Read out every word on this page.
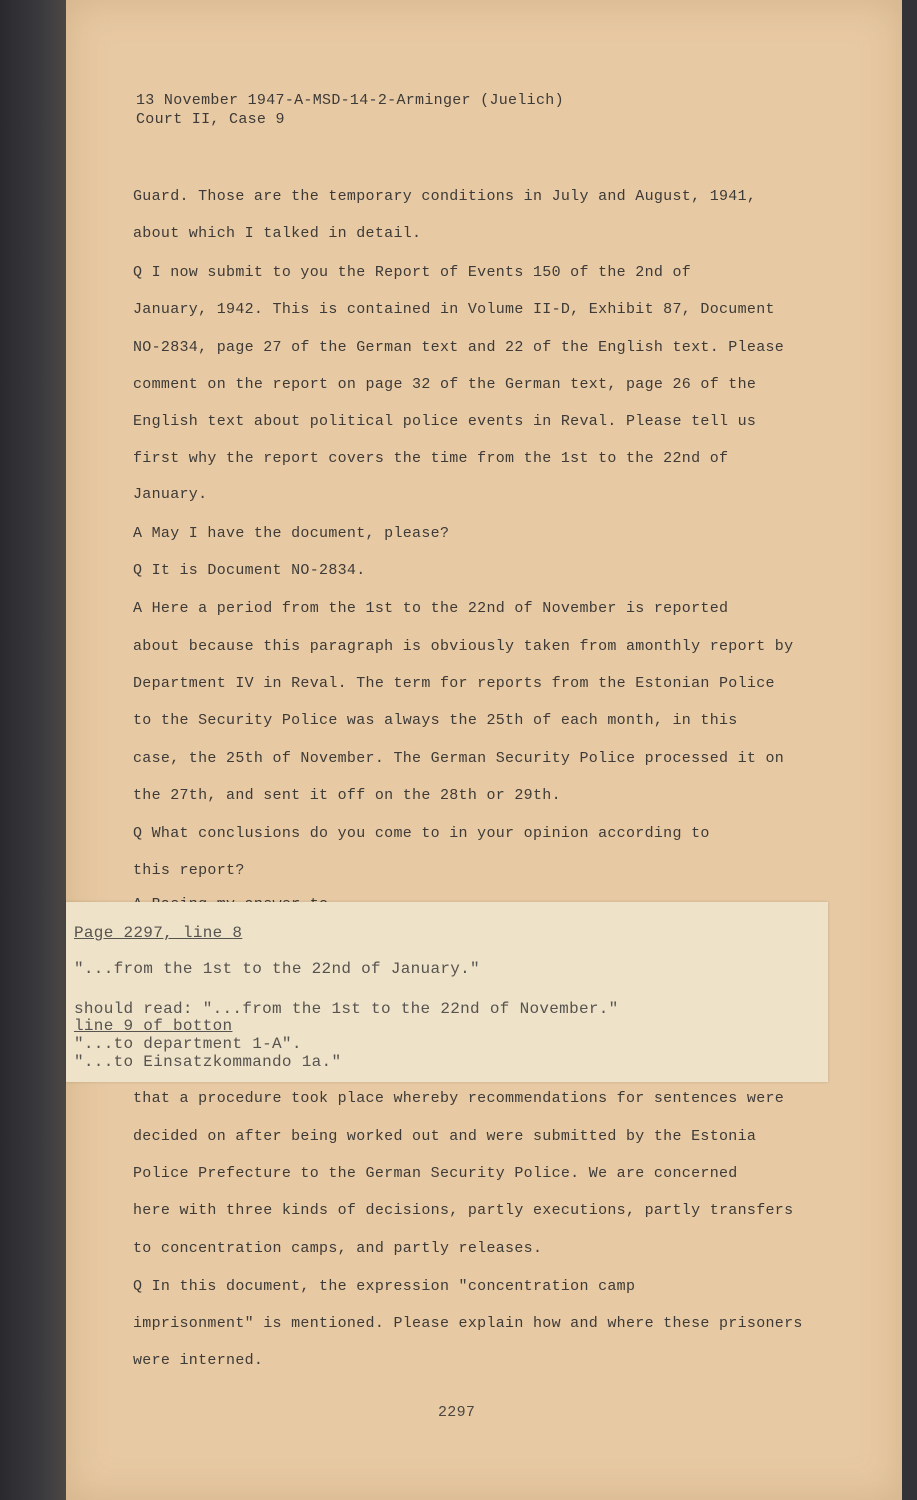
13 November 1947-A-MSD-14-2-Arminger (Juelich)
Court II, Case 9
Guard. Those are the temporary conditions in July and August, 1941,
about which I talked in detail.
Q I now submit to you the Report of Events 150 of the 2nd of
January, 1942. This is contained in Volume II-D, Exhibit 87, Document
NO-2834, page 27 of the German text and 22 of the English text. Please
comment on the report on page 32 of the German text, page 26 of the
English text about political police events in Reval. Please tell us
first why the report covers the time from the 1st to the 22nd of
January.
A May I have the document, please?
Q It is Document NO-2834.
A Here a period from the 1st to the 22nd of November is reported
about because this paragraph is obviously taken from amonthly report by
Department IV in Reval. The term for reports from the Estonian Police
to the Security Police was always the 25th of each month, in this
case, the 25th of November. The German Security Police processed it on
the 27th, and sent it off on the 28th or 29th.
Q What conclusions do you come to in your opinion according to
this report?
Page 2297, line 8
"...from the 1st to the 22nd of January."
should read: "...from the 1st to the 22nd of November."
line 9 of botton
"...to department 1-A".
"...to Einsatzkommando 1a."
that a procedure took place whereby recommendations for sentences were
decided on after being worked out and were submitted by the Estonia
Police Prefecture to the German Security Police. We are concerned
here with three kinds of decisions, partly executions, partly transfers
to concentration camps, and partly releases.
Q In this document, the expression "concentration camp
imprisonment" is mentioned. Please explain how and where these prisoners
were interned.
2297
